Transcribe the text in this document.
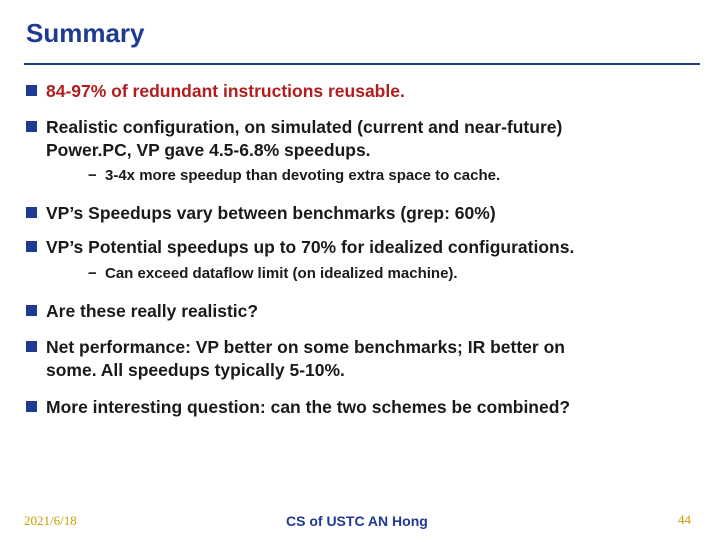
Summary
84-97% of redundant instructions reusable.
Realistic configuration, on simulated (current and near-future)
Power.PC, VP gave 4.5-6.8% speedups.
− 3-4x more speedup than devoting extra space to cache.
VP’s Speedups vary between benchmarks (grep: 60%)
VP’s Potential speedups up to 70% for idealized configurations.
− Can exceed dataflow limit (on idealized machine).
Are these really realistic?
Net performance: VP better on some benchmarks; IR better on
some. All speedups typically 5-10%.
More interesting question: can the two schemes be combined?
2021/6/18	CS of USTC AN Hong	44
